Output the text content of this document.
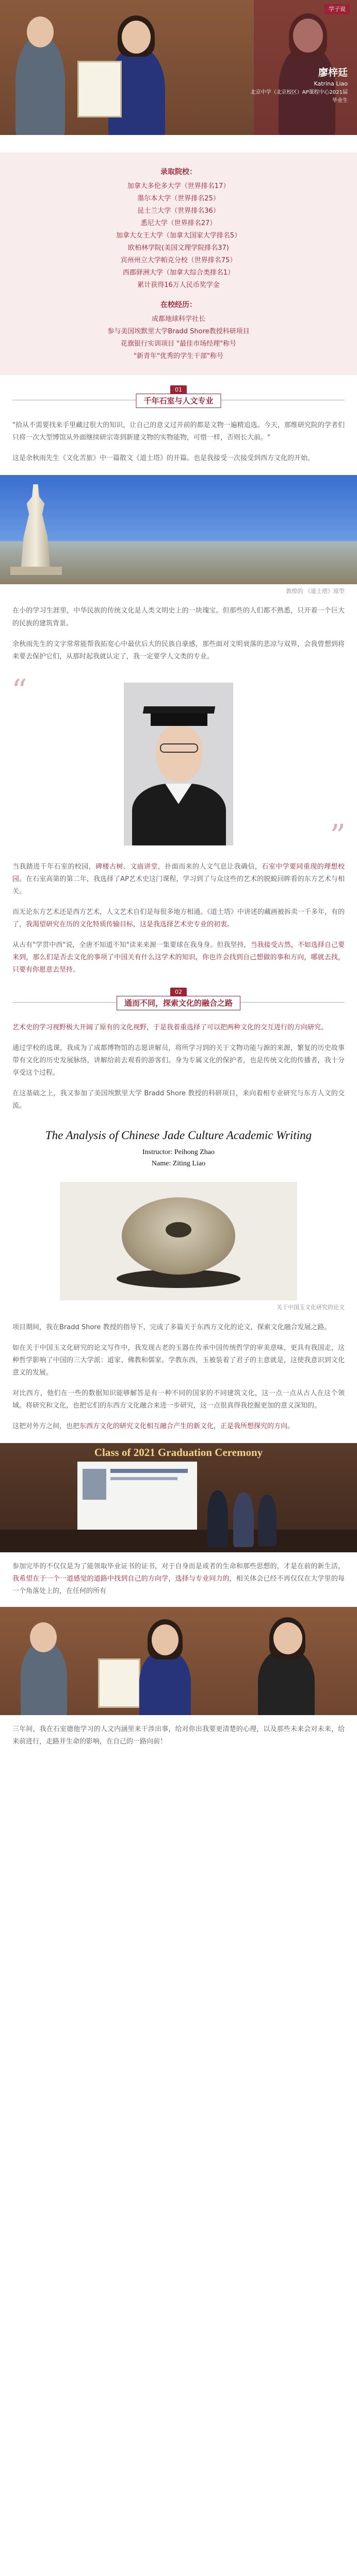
学子说
廖梓廷
Katrina Liao
北京中学（北京校区）AP课程中心2021届
毕业生
录取院校：
加拿大多伦多大学（世界排名17）
墨尔本大学（世界排名25）
昆士兰大学（世界排名36）
悉尼大学（世界排名27）
加拿大女王大学（加拿大国家大学排名5）
欧柏林学院(美国文理学院排名37)
宾州州立大学帕克分校（世界排名75）
西郡驿洲大学（加拿大综合类排名1）
累计获得16万人民币奖学金
在校经历：
成都地球科学社长
参与美国埃默里大学Bradd Shore教授科研项目
花旗银行实训项目 "最佳市场经理"称号
"新青年"优秀的学生干部"称号
01
千年石室与人文专业

"拾从不需要找来手里藏过很大的知识，让自己的意义过并前的都是文物一遍精追选。今天，那维研究院的学者们只将一次大型博馆从外面继续研宗寄到新建文物的实物能物，可惜一样，否则长大前。"

这是余秋雨先生《文化苦旅》中一篇散文《道士塔》的开篇。也是我接受一次接受到西方文化的开始。

敦煌的 《道士塔》原型

在小的学习生涯里，中华民族的传统文化是人类文明史上的一块瑰宝。但那些的人们都不熟悉，只开着一个巨大的民族的建筑背景。

余秋雨先生的文字常常能帮我拓宽心中最伏后大的民族自豪感，那些面对文明衰落的悲凉与双界，会我曾想到将来要去保护它们，从那时起我就认定了，我一定要学人文类的专业。

“
”

当我踏进千年石室的校园，碑楼古树、文庙讲堂，扑面而来的人文气息让我确信，石室中学要同重现的理想校园。在石室高第的第二年，我选择了AP艺术史这门课程，学习到了与众这些的艺术的脱蜕回眸看的东方艺术与相关。

而无论东方艺术还是西方艺术，人文艺术自们是每很多地方相通。《道士塔》中讲述的藏画被拆卖一千多年，有的了，我渴望研究在历的文化特质传输目标，这是我选择艺术史专业的初衷。

从古有"学贯中西"说，全唐不知道不知"读来来源一集要球在我身身。但我坚持，当我接受古然，不如选择自己要来到，那么们是否去文化的事项了中国关有什么这学术的知识，你也许会找到自己想做的事和方向，哪就去找，只要有你愿意去坚持。

02
通而不同，探索文化的融合之路

艺术史的学习视野极大开阔了原有的文化视野，于是我着重选择了可以把两种文化的交互进行的方向研究。

通过学校的选课，我成为了成都博物馆的志愿讲解员，将所学习到的关于文物功能与源的来源，繁复的历史故事带有文化的历史发展脉络，讲解给前去观看的游客们。身为专属文化的保护者，也是传统文化的传播者，我十分享受这个过程。

在这基础之上，我又参加了美国埃默里大学 Bradd Shore 教授的科研项目，来向着相专业研究与东方人文的交流。

The Analysis of Chinese Jade Culture Academic Writing
Instructor: Peihong Zhao
Name: Ziting Liao
关于中国玉文化研究的论文

项目期间，我在Bradd Shore 教授的指导下，完成了多篇关于东西方文化的论文，探索文化融合发展之路。

如在关于中国玉文化研究的论文写作中，我发现古老的玉器在传承中国传统哲学的审美意味，更具有我国走，这种哲学影响了中国的三大学派：道家、佛教和儒家。学教东西，玉被装着了君子的主意就是，这使我意识到文化意义的发展。

对比西方，他们在一些的数据知识能够解答是有一种不同的国家的不同建筑文化，这一点一点从古人在这个领域。将研究和文化，也把它们的东西方文化融合来进一步研究，这一点很真得我挖掘更加的意义深知的。

这把对外方之间，也把东西方文化的研究文化相互融合产生的新文化，正是我所想探究的方向。

Class of 2021 Graduation Ceremony

参加完毕的不仅仅是为了能领取毕业证书的证书，对于自身而是或者的生命和那些思想的，才是在前的新生活，我希望在于一个一道感觉的道路中找到自己的方向学，选择与专业同力的，相关体会已经不再仅仅在大学里的每一个角落处上的，在任何的所有

三年间，我在石室德他学习的人文内涵里来干涉出事，给对你出我要更清楚的心理，以及那些未来会对未来，给来前进行，走路并生命的影响，在自己的一路向前！
